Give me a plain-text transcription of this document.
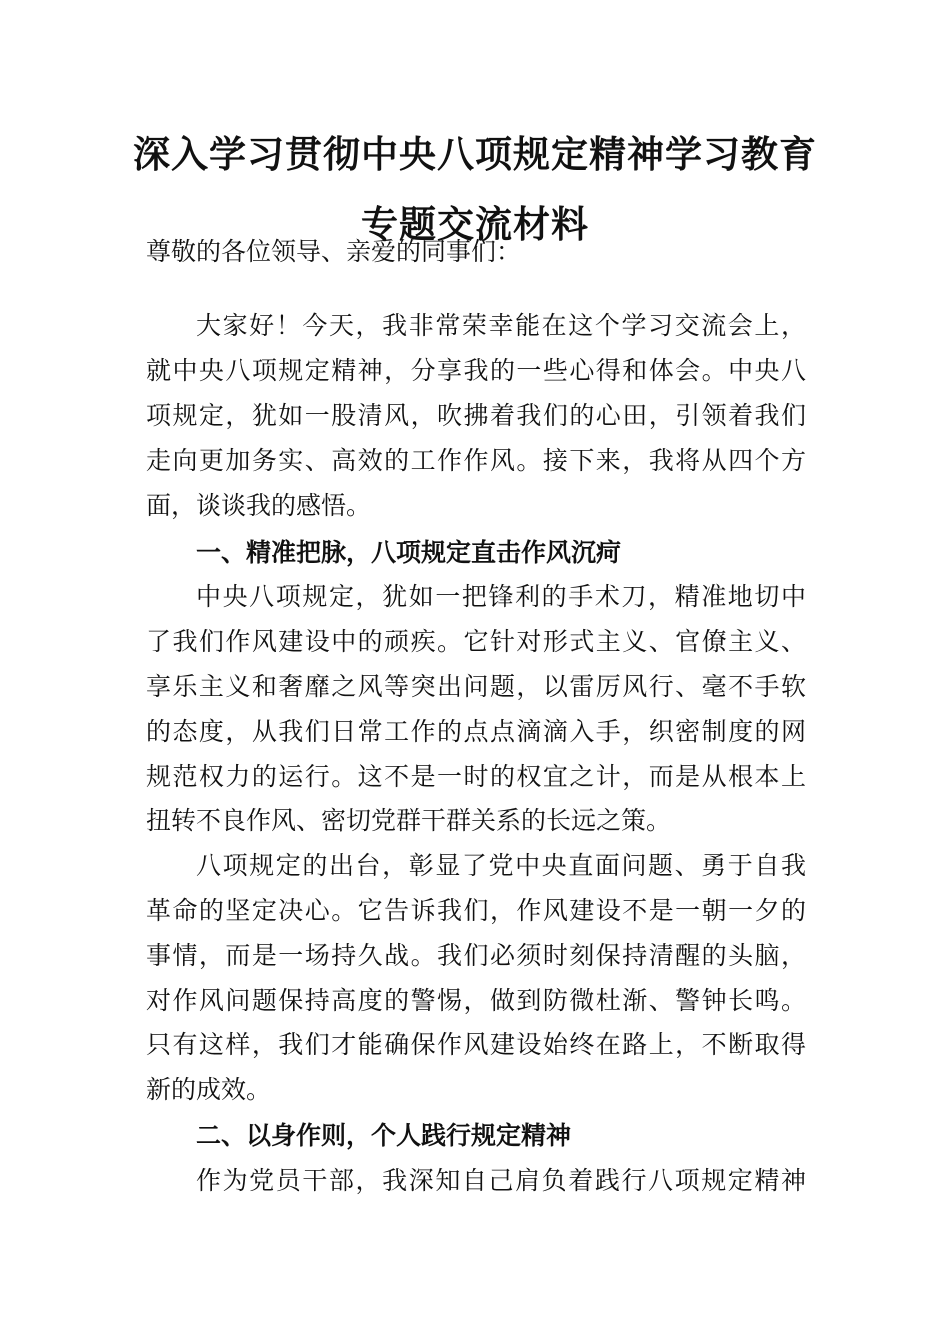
深入学习贯彻中央八项规定精神学习教育
专题交流材料
尊敬的各位领导、亲爱的同事们：
大家好！今天，我非常荣幸能在这个学习交流会上，
就中央八项规定精神，分享我的一些心得和体会。中央八
项规定，犹如一股清风，吹拂着我们的心田，引领着我们
走向更加务实、高效的工作作风。接下来，我将从四个方
面，谈谈我的感悟。
一、精准把脉，八项规定直击作风沉疴
中央八项规定，犹如一把锋利的手术刀，精准地切中
了我们作风建设中的顽疾。它针对形式主义、官僚主义、
享乐主义和奢靡之风等突出问题，以雷厉风行、毫不手软
的态度，从我们日常工作的点点滴滴入手，织密制度的网
规范权力的运行。这不是一时的权宜之计，而是从根本上
扭转不良作风、密切党群干群关系的长远之策。
八项规定的出台，彰显了党中央直面问题、勇于自我
革命的坚定决心。它告诉我们，作风建设不是一朝一夕的
事情，而是一场持久战。我们必须时刻保持清醒的头脑，
对作风问题保持高度的警惕，做到防微杜渐、警钟长鸣。
只有这样，我们才能确保作风建设始终在路上，不断取得
新的成效。
二、以身作则，个人践行规定精神
作为党员干部，我深知自己肩负着践行八项规定精神
